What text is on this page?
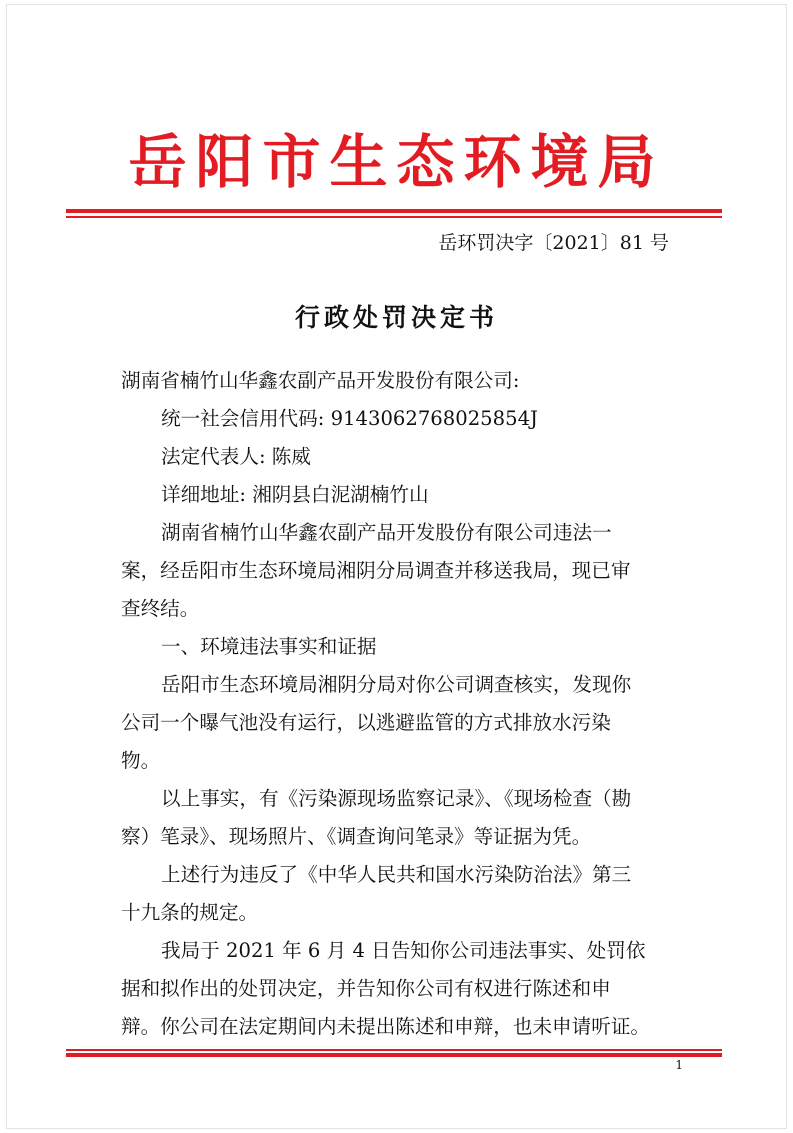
岳阳市生态环境局
岳环罚决字〔2021〕81 号
行政处罚决定书
湖南省楠竹山华鑫农副产品开发股份有限公司:
统一社会信用代码: 9143062768025854J
法定代表人: 陈威
详细地址: 湘阴县白泥湖楠竹山
湖南省楠竹山华鑫农副产品开发股份有限公司违法一
案，经岳阳市生态环境局湘阴分局调查并移送我局，现已审
查终结。
一、环境违法事实和证据
岳阳市生态环境局湘阴分局对你公司调查核实，发现你
公司一个曝气池没有运行，以逃避监管的方式排放水污染
物。
以上事实，有《污染源现场监察记录》、《现场检查（勘
察）笔录》、现场照片、《调查询问笔录》等证据为凭。
上述行为违反了《中华人民共和国水污染防治法》第三
十九条的规定。
我局于 2021 年 6 月 4 日告知你公司违法事实、处罚依
据和拟作出的处罚决定，并告知你公司有权进行陈述和申
辩。你公司在法定期间内未提出陈述和申辩，也未申请听证。
1
